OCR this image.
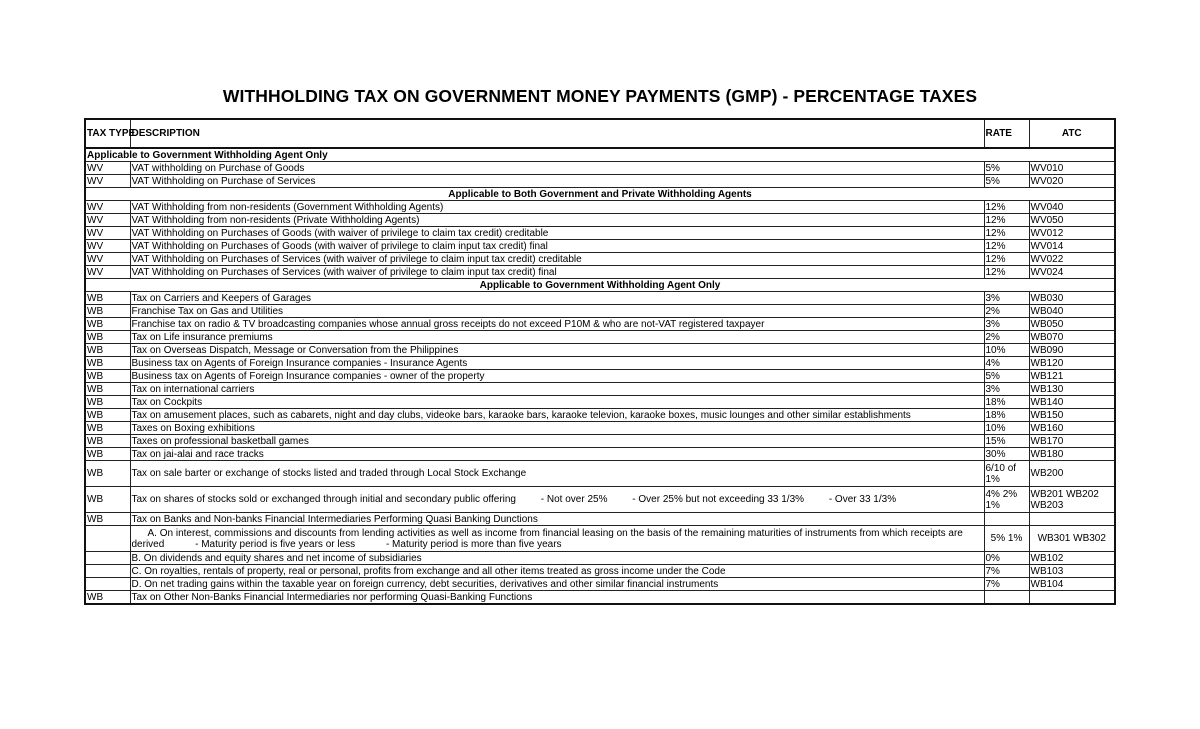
WITHHOLDING TAX ON GOVERNMENT MONEY PAYMENTS (GMP) - PERCENTAGE TAXES
TAX TYPE	DESCRIPTION	RATE	ATC
Applicable to Government Withholding Agent Only			
WV	VAT withholding on Purchase of Goods	5%	WV010
WV	VAT Withholding on Purchase of Services	5%	WV020
Applicable to Both Government and Private Withholding Agents			
WV	VAT Withholding from non-residents (Government Withholding Agents)	12%	WV040
WV	VAT Withholding from non-residents (Private Withholding Agents)	12%	WV050
WV	VAT Withholding on Purchases of Goods (with waiver of privilege to claim tax credit) creditable	12%	WV012
WV	VAT Withholding on Purchases of Goods (with waiver of privilege to claim input tax credit) final	12%	WV014
WV	VAT Withholding on Purchases of Services (with waiver of privilege to claim input tax credit) creditable	12%	WV022
WV	VAT Withholding on Purchases of Services (with waiver of privilege to claim input tax credit) final	12%	WV024
Applicable to Government Withholding Agent Only			
WB	Tax on Carriers and Keepers of Garages	3%	WB030
WB	Franchise Tax on Gas and Utilities	2%	WB040
WB	Franchise tax on radio & TV broadcasting companies whose annual gross receipts do not exceed P10M & who are not-VAT registered taxpayer	3%	WB050
WB	Tax on Life insurance premiums	2%	WB070
WB	Tax on Overseas Dispatch, Message or Conversation from the Philippines	10%	WB090
WB	Business tax on Agents of Foreign Insurance companies - Insurance Agents	4%	WB120
WB	Business tax on Agents of Foreign Insurance companies - owner of the property	5%	WB121
WB	Tax on international carriers	3%	WB130
WB	Tax on Cockpits	18%	WB140
WB	Tax on amusement places, such as cabarets, night and day clubs, videoke bars, karaoke bars, karaoke televion, karaoke boxes, music lounges and other similar establishments	18%	WB150
WB	Taxes on Boxing exhibitions	10%	WB160
WB	Taxes on professional basketball games	15%	WB170
WB	Tax on jai-alai and race tracks	30%	WB180
WB	Tax on sale barter or exchange of stocks listed and traded through Local Stock Exchange	6/10 of 1%	WB200
WB	Tax on shares of stocks sold or exchanged through initial and secondary public offering - Not over 25% - Over 25% but not exceeding 33 1/3% - Over 33 1/3%	4% 2% 1%	WB201 WB202 WB203
WB	Tax on Banks and Non-banks Financial Intermediaries Performing Quasi Banking Dunctions		
	A. On interest, commissions and discounts from lending activities as well as income from financial leasing on the basis of the remaining maturities of instruments from which receipts are derived - Maturity period is five years or less - Maturity period is more than five years	5% 1%	WB301 WB302
	B. On dividends and equity shares and net income of subsidiaries	0%	WB102
	C. On royalties, rentals of property, real or personal, profits from exchange and all other items treated as gross income under the Code	7%	WB103
	D. On net trading gains within the taxable year on foreign currency, debt securities, derivatives and other similar financial instruments	7%	WB104
WB	Tax on Other Non-Banks Financial Intermediaries nor performing Quasi-Banking Functions		
